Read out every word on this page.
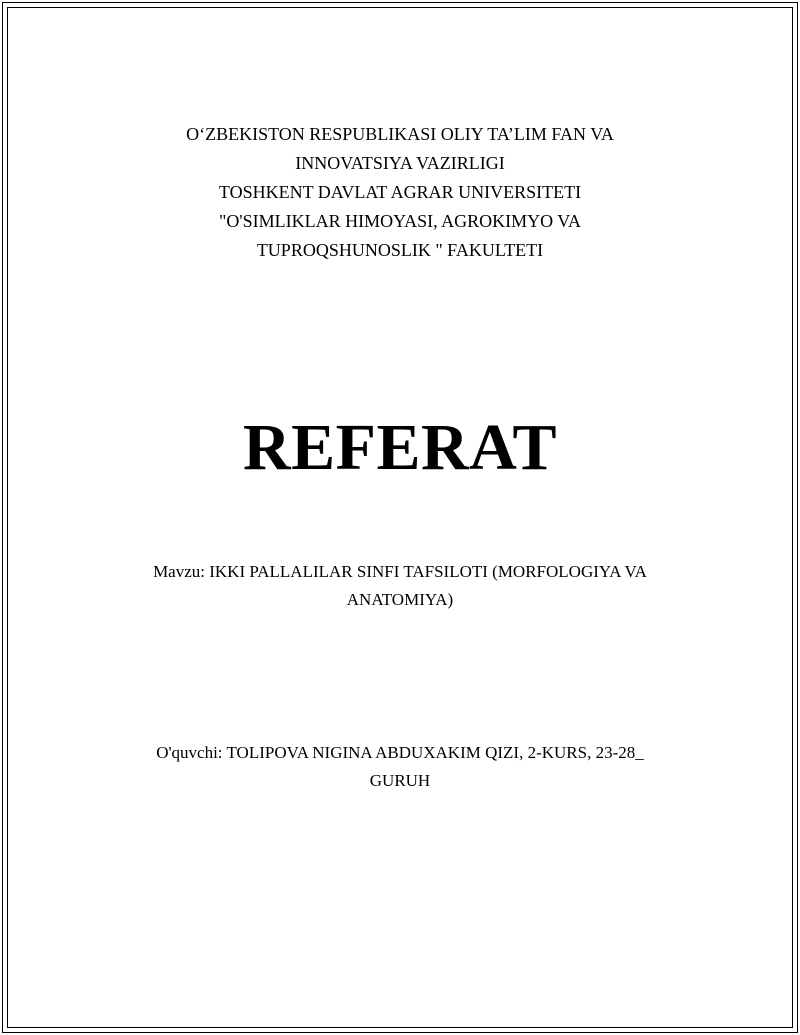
O‘ZBEKISTON RESPUBLIKASI OLIY TA’LIM FAN VA
INNOVATSIYA VAZIRLIGI
TOSHKENT DAVLAT AGRAR UNIVERSITETI
"O'SIMLIKLAR HIMOYASI, AGROKIMYO VA
TUPROQSHUNOSLIK " FAKULTETI
REFERAT
Mavzu: IKKI PALLALILAR SINFI TAFSILOTI (MORFOLOGIYA VA
ANATOMIYA)
O'quvchi: TOLIPOVA NIGINA ABDUXAKIM QIZI, 2-KURS, 23-28_
GURUH
